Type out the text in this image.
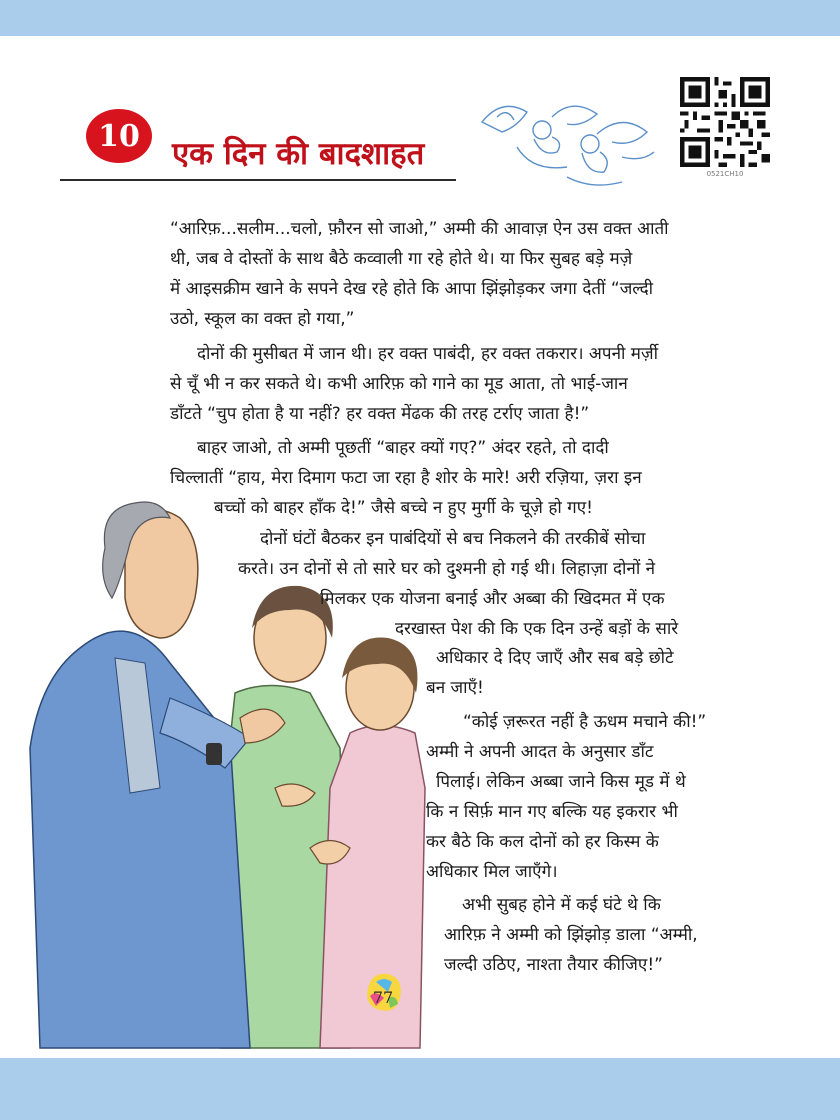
10	एक दिन की बादशाहत
0521CH10
“आरिफ़...सलीम...चलो, फ़ौरन सो जाओ,” अम्मी की आवाज़ ऐन उस वक्त आती
थी, जब वे दोस्तों के साथ बैठे कव्वाली गा रहे होते थे। या फिर सुबह बड़े मज़े
में आइसक्रीम खाने के सपने देख रहे होते कि आपा झिंझोड़कर जगा देतीं “जल्दी
उठो, स्कूल का वक्त हो गया,”
दोनों की मुसीबत में जान थी। हर वक्त पाबंदी, हर वक्त तकरार। अपनी मर्ज़ी
से चूँ भी न कर सकते थे। कभी आरिफ़ को गाने का मूड आता, तो भाई-जान
डाँटते “चुप होता है या नहीं? हर वक्त मेंढक की तरह टर्राए जाता है!”
बाहर जाओ, तो अम्मी पूछतीं “बाहर क्यों गए?” अंदर रहते, तो दादी
चिल्लातीं “हाय, मेरा दिमाग फटा जा रहा है शोर के मारे! अरी रज़िया, ज़रा इन
बच्चों को बाहर हाँक दे!” जैसे बच्चे न हुए मुर्गी के चूज़े हो गए!
दोनों घंटों बैठकर इन पाबंदियों से बच निकलने की तरकीबें सोचा
करते। उन दोनों से तो सारे घर को दुश्मनी हो गई थी। लिहाज़ा दोनों ने
मिलकर एक योजना बनाई और अब्बा की खिदमत में एक
दरखास्त पेश की कि एक दिन उन्हें बड़ों के सारे
अधिकार दे दिए जाएँ और सब बड़े छोटे
बन जाएँ!
“कोई ज़रूरत नहीं है ऊधम मचाने की!”
अम्मी ने अपनी आदत के अनुसार डाँट
पिलाई। लेकिन अब्बा जाने किस मूड में थे
कि न सिर्फ़ मान गए बल्कि यह इकरार भी
कर बैठे कि कल दोनों को हर किस्म के
अधिकार मिल जाएँगे।
अभी सुबह होने में कई घंटे थे कि
आरिफ़ ने अम्मी को झिंझोड़ डाला “अम्मी,
जल्दी उठिए, नाश्ता तैयार कीजिए!”
77
